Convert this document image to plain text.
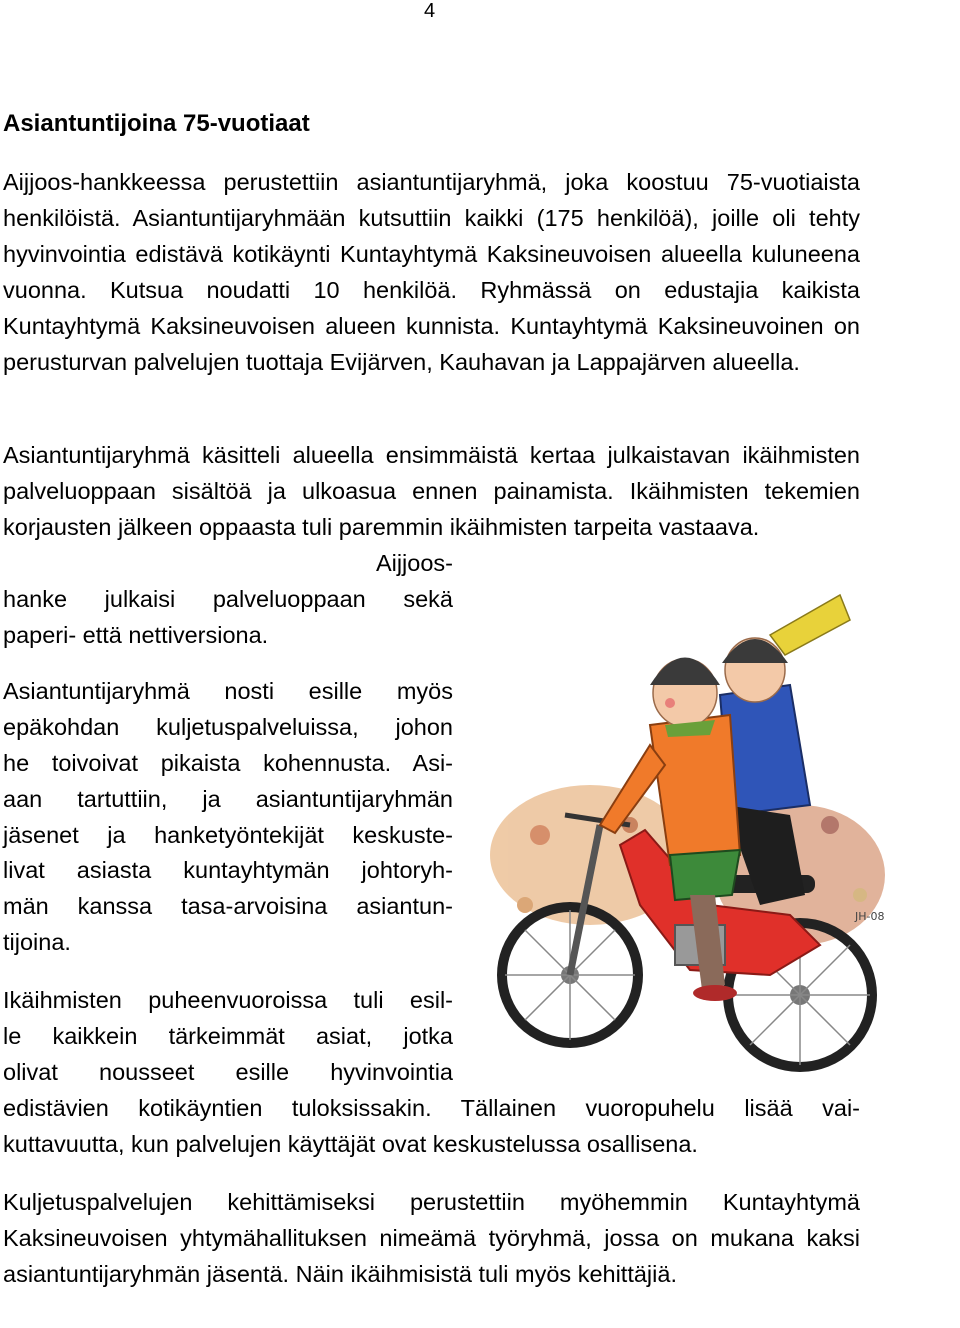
4
Asiantuntijoina 75-vuotiaat

Aijjoos-hankkeessa perustettiin asiantuntijaryhmä, joka koostuu 75-vuotiaista henkilöistä. Asiantuntijaryhmään kutsuttiin kaikki (175 henkilöä), joille oli tehty hyvinvointia edistävä kotikäynti Kuntayhtymä Kaksineuvoisen alueella kuluneena vuonna. Kutsua noudatti 10 henkilöä. Ryhmässä on edustajia kaikista Kuntayhtymä Kaksineuvoisen alueen kunnista. Kuntayhtymä Kaksineuvoinen on perusturvan palvelujen tuottaja Evijärven, Kauhavan ja Lappajärven alueella.

Asiantuntijaryhmä käsitteli alueella ensimmäistä kertaa julkaistavan ikäihmisten palveluoppaan sisältöä ja ulkoasua ennen painamista. Ikäihmisten tekemien korjausten jälkeen oppaasta tuli paremmin ikäihmisten tarpeita vastaava.

Aijjoos-
hanke julkaisi palveluoppaan sekä
paperi- että nettiversiona.
Asiantuntijaryhmä nosti esille myös
epäkohdan kuljetuspalveluissa, johon
he toivoivat pikaista kohennusta. Asi-
aan tartuttiin, ja asiantuntijaryhmän
jäsenet ja hanketyöntekijät keskuste-
livat asiasta kuntayhtymän johtoryh-
män kanssa tasa-arvoisina asiantun-
tijoina.
Ikäihmisten puheenvuoroissa tuli esil-
le kaikkein tärkeimmät asiat, jotka
olivat nousseet esille hyvinvointia
edistävien kotikäyntien tuloksissakin. Tällainen vuoropuhelu lisää vai-
kuttavuutta, kun palvelujen käyttäjät ovat keskustelussa osallisena.

Kuljetuspalvelujen kehittämiseksi perustettiin myöhemmin Kuntayhtymä Kaksineuvoisen yhtymähallituksen nimeämä työryhmä, jossa on mukana kaksi asiantuntijaryhmän jäsentä. Näin ikäihmisistä tuli myös kehittäjiä.

JH-08
